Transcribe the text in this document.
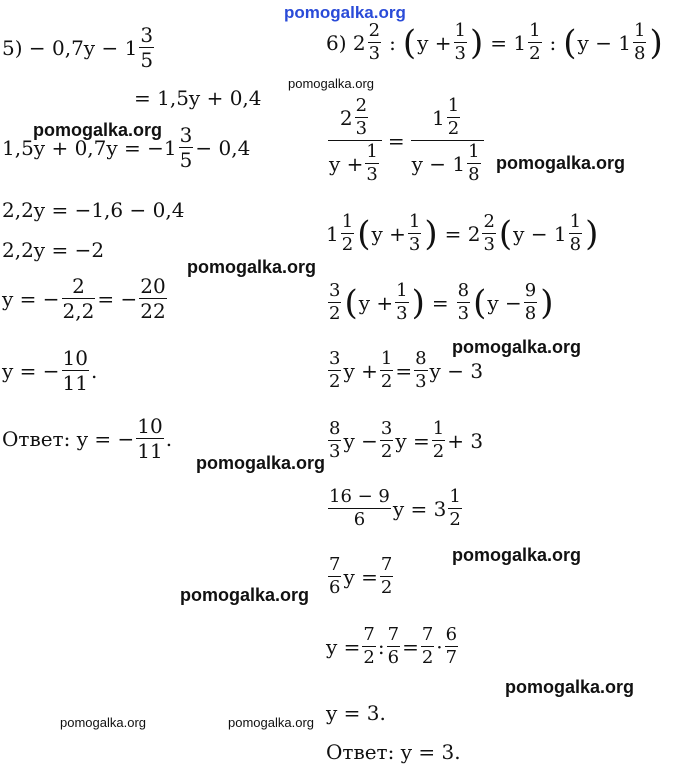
pomogalka.org
pomogalka.org
pomogalka.org
pomogalka.org
pomogalka.org
pomogalka.org
pomogalka.org
pomogalka.org
pomogalka.org
pomogalka.org
pomogalka.org	pomogalka.org
5) − 0,7y − 1
3
5
= 1,5y + 0,4
1,5y + 0,7y = −1
3
5
− 0,4
2,2y = −1,6 − 0,4
2,2y = −2
y = −
2
2,2
= −
20
22
y = −
10
11
.
Ответ: y = −
10
11
.
6) 2 2
3 : ( y + 1
3 ) = 1 1
2 : ( y − 1 1
8 )
2 2
3
y + 1
3
=
1 1
2
y − 1 1
8
1 1
2 ( y + 1
3 ) = 2 2
3 ( y − 1 1
8 )
3
2 ( y + 1
3 ) = 8
3 ( y − 9
8 )
3
2 y + 1
2 = 8
3 y − 3
8
3 y − 3
2 y = 1
2 + 3
16 − 9
6 y = 3 1
2
7
6 y = 7
2
y = 7
2 : 7
6 = 7
2 · 6
7
y = 3.
Ответ: y = 3.
